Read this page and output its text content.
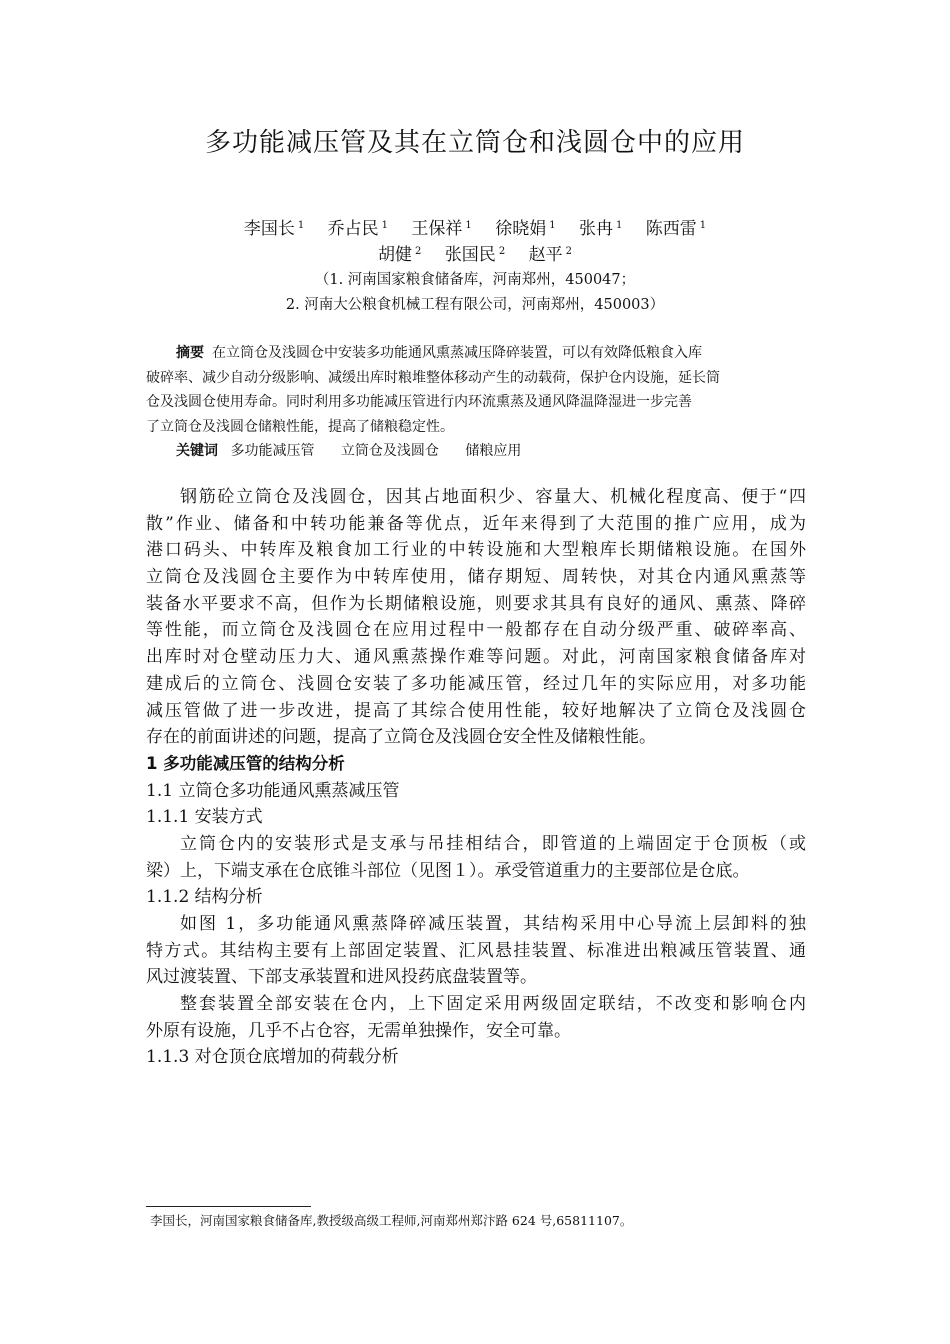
多功能减压管及其在立筒仓和浅圆仓中的应用
李国长 $^1$ 乔占民 $^1$ 王保祥 $^1$ 徐晓娟 $^1$ 张冉 $^1$ 陈西雷 $^1$
胡健 $^2$ 张国民 $^2$ 赵平 $^2$
（1. 河南国家粮食储备库，河南郑州，450047；
2. 河南大公粮食机械工程有限公司，河南郑州，450003）
摘要 在立筒仓及浅圆仓中安装多功能通风熏蒸减压降碎装置，可以有效降低粮食入库
破碎率、减少自动分级影响、减缓出库时粮堆整体移动产生的动载荷，保护仓内设施，延长筒
仓及浅圆仓使用寿命。同时利用多功能减压管进行内环流熏蒸及通风降温降湿进一步完善
了立筒仓及浅圆仓储粮性能，提高了储粮稳定性。
关键词 多功能减压管 立筒仓及浅圆仓 储粮应用
钢筋砼立筒仓及浅圆仓，因其占地面积少、容量大、机械化程度高、便于“四
散”作业、储备和中转功能兼备等优点，近年来得到了大范围的推广应用，成为
港口码头、中转库及粮食加工行业的中转设施和大型粮库长期储粮设施。在国外
立筒仓及浅圆仓主要作为中转库使用，储存期短、周转快，对其仓内通风熏蒸等
装备水平要求不高，但作为长期储粮设施，则要求其具有良好的通风、熏蒸、降碎
等性能，而立筒仓及浅圆仓在应用过程中一般都存在自动分级严重、破碎率高、
出库时对仓壁动压力大、通风熏蒸操作难等问题。对此，河南国家粮食储备库对
建成后的立筒仓、浅圆仓安装了多功能减压管，经过几年的实际应用，对多功能
减压管做了进一步改进，提高了其综合使用性能，较好地解决了立筒仓及浅圆仓
存在的前面讲述的问题，提高了立筒仓及浅圆仓安全性及储粮性能。
1 多功能减压管的结构分析
1.1 立筒仓多功能通风熏蒸减压管
1.1.1 安装方式
立筒仓内的安装形式是支承与吊挂相结合，即管道的上端固定于仓顶板（或
梁）上，下端支承在仓底锥斗部位（见图１）。承受管道重力的主要部位是仓底。
1.1.2 结构分析
如图 1，多功能通风熏蒸降碎减压装置，其结构采用中心导流上层卸料的独
特方式。其结构主要有上部固定装置、汇风悬挂装置、标准进出粮减压管装置、通
风过渡装置、下部支承装置和进风投药底盘装置等。
整套装置全部安装在仓内，上下固定采用两级固定联结，不改变和影响仓内
外原有设施，几乎不占仓容，无需单独操作，安全可靠。
1.1.3 对仓顶仓底增加的荷载分析
李国长，河南国家粮食储备库,教授级高级工程师,河南郑州郑汴路 624 号,65811107。
